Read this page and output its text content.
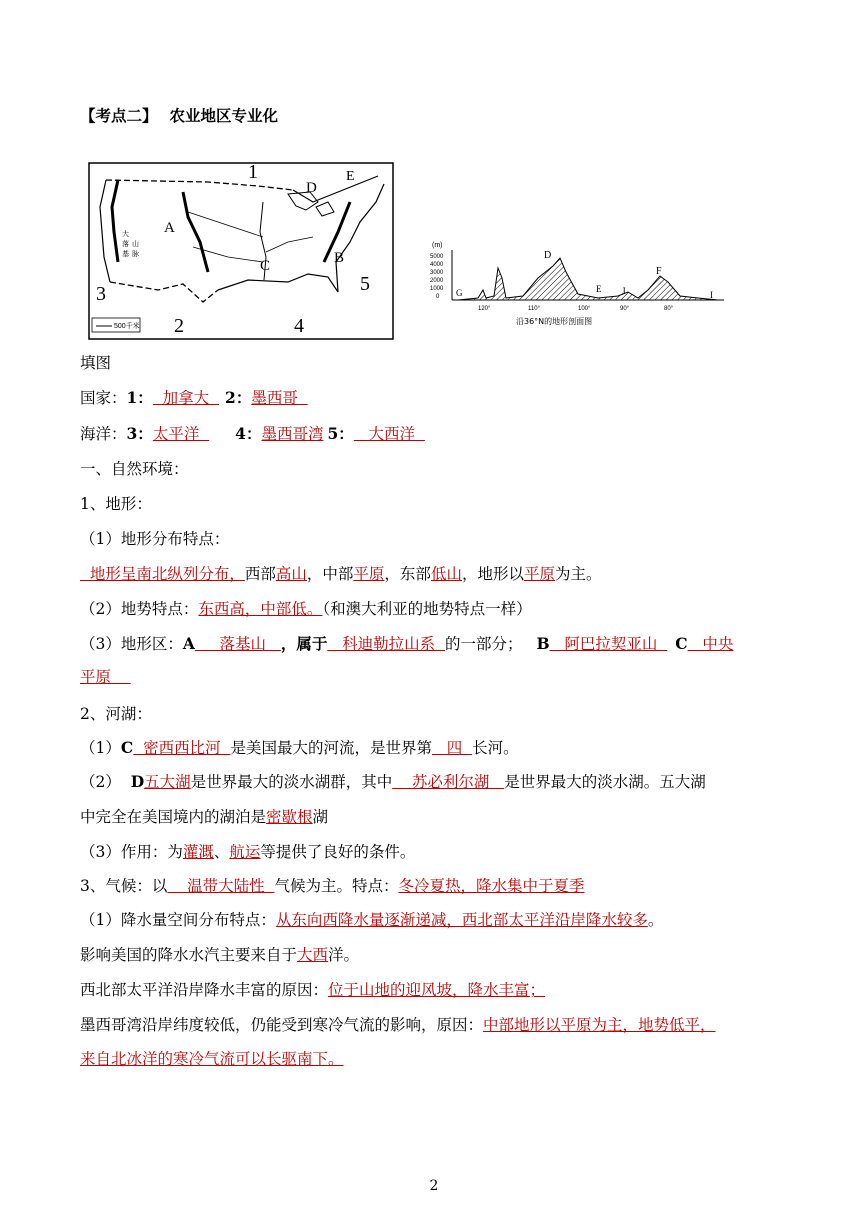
【考点二】 农业地区专业化
500千米
1
2
3
4
5
A
B
C
D
E
大
落
基
山
脉
(m)
5000
4000
3000
2000
1000
0 G
D
E J
F
I
120°	110°	100°	90°	80°
沿36°N的地形剖面图
填图
国家：1：  加拿大  2：墨西哥
海洋：3：太平洋  4：墨西哥湾 5：   大西洋
一、自然环境：
1、地形：
（1）地形分布特点：
地形呈南北纵列分布，西部高山，中部平原，东部低山，地形以平原为主。
（2）地势特点：东西高，中部低。（和澳大利亚的地势特点一样）
（3）地形区：A     落基山   ，属于   科迪勒拉山系  的一部分； B   阿巴拉契亚山  C   中央
平原
2、河湖：
（1）C  密西西比河  是美国最大的河流，是世界第   四  长河。
（2）  D五大湖是世界最大的淡水湖群，其中    苏必利尔湖   是世界最大的淡水湖。五大湖
中完全在美国境内的湖泊是密歇根湖
（3）作用：为灌溉、航运等提供了良好的条件。
3、气候：以    温带大陆性  气候为主。特点：冬冷夏热，降水集中于夏季
（1）降水量空间分布特点：从东向西降水量逐渐递减，西北部太平洋沿岸降水较多。
影响美国的降水水汽主要来自于大西洋。
西北部太平洋沿岸降水丰富的原因：位于山地的迎风坡，降水丰富；
墨西哥湾沿岸纬度较低，仍能受到寒冷气流的影响，原因：中部地形以平原为主，地势低平，
来自北冰洋的寒冷气流可以长驱南下。
2
